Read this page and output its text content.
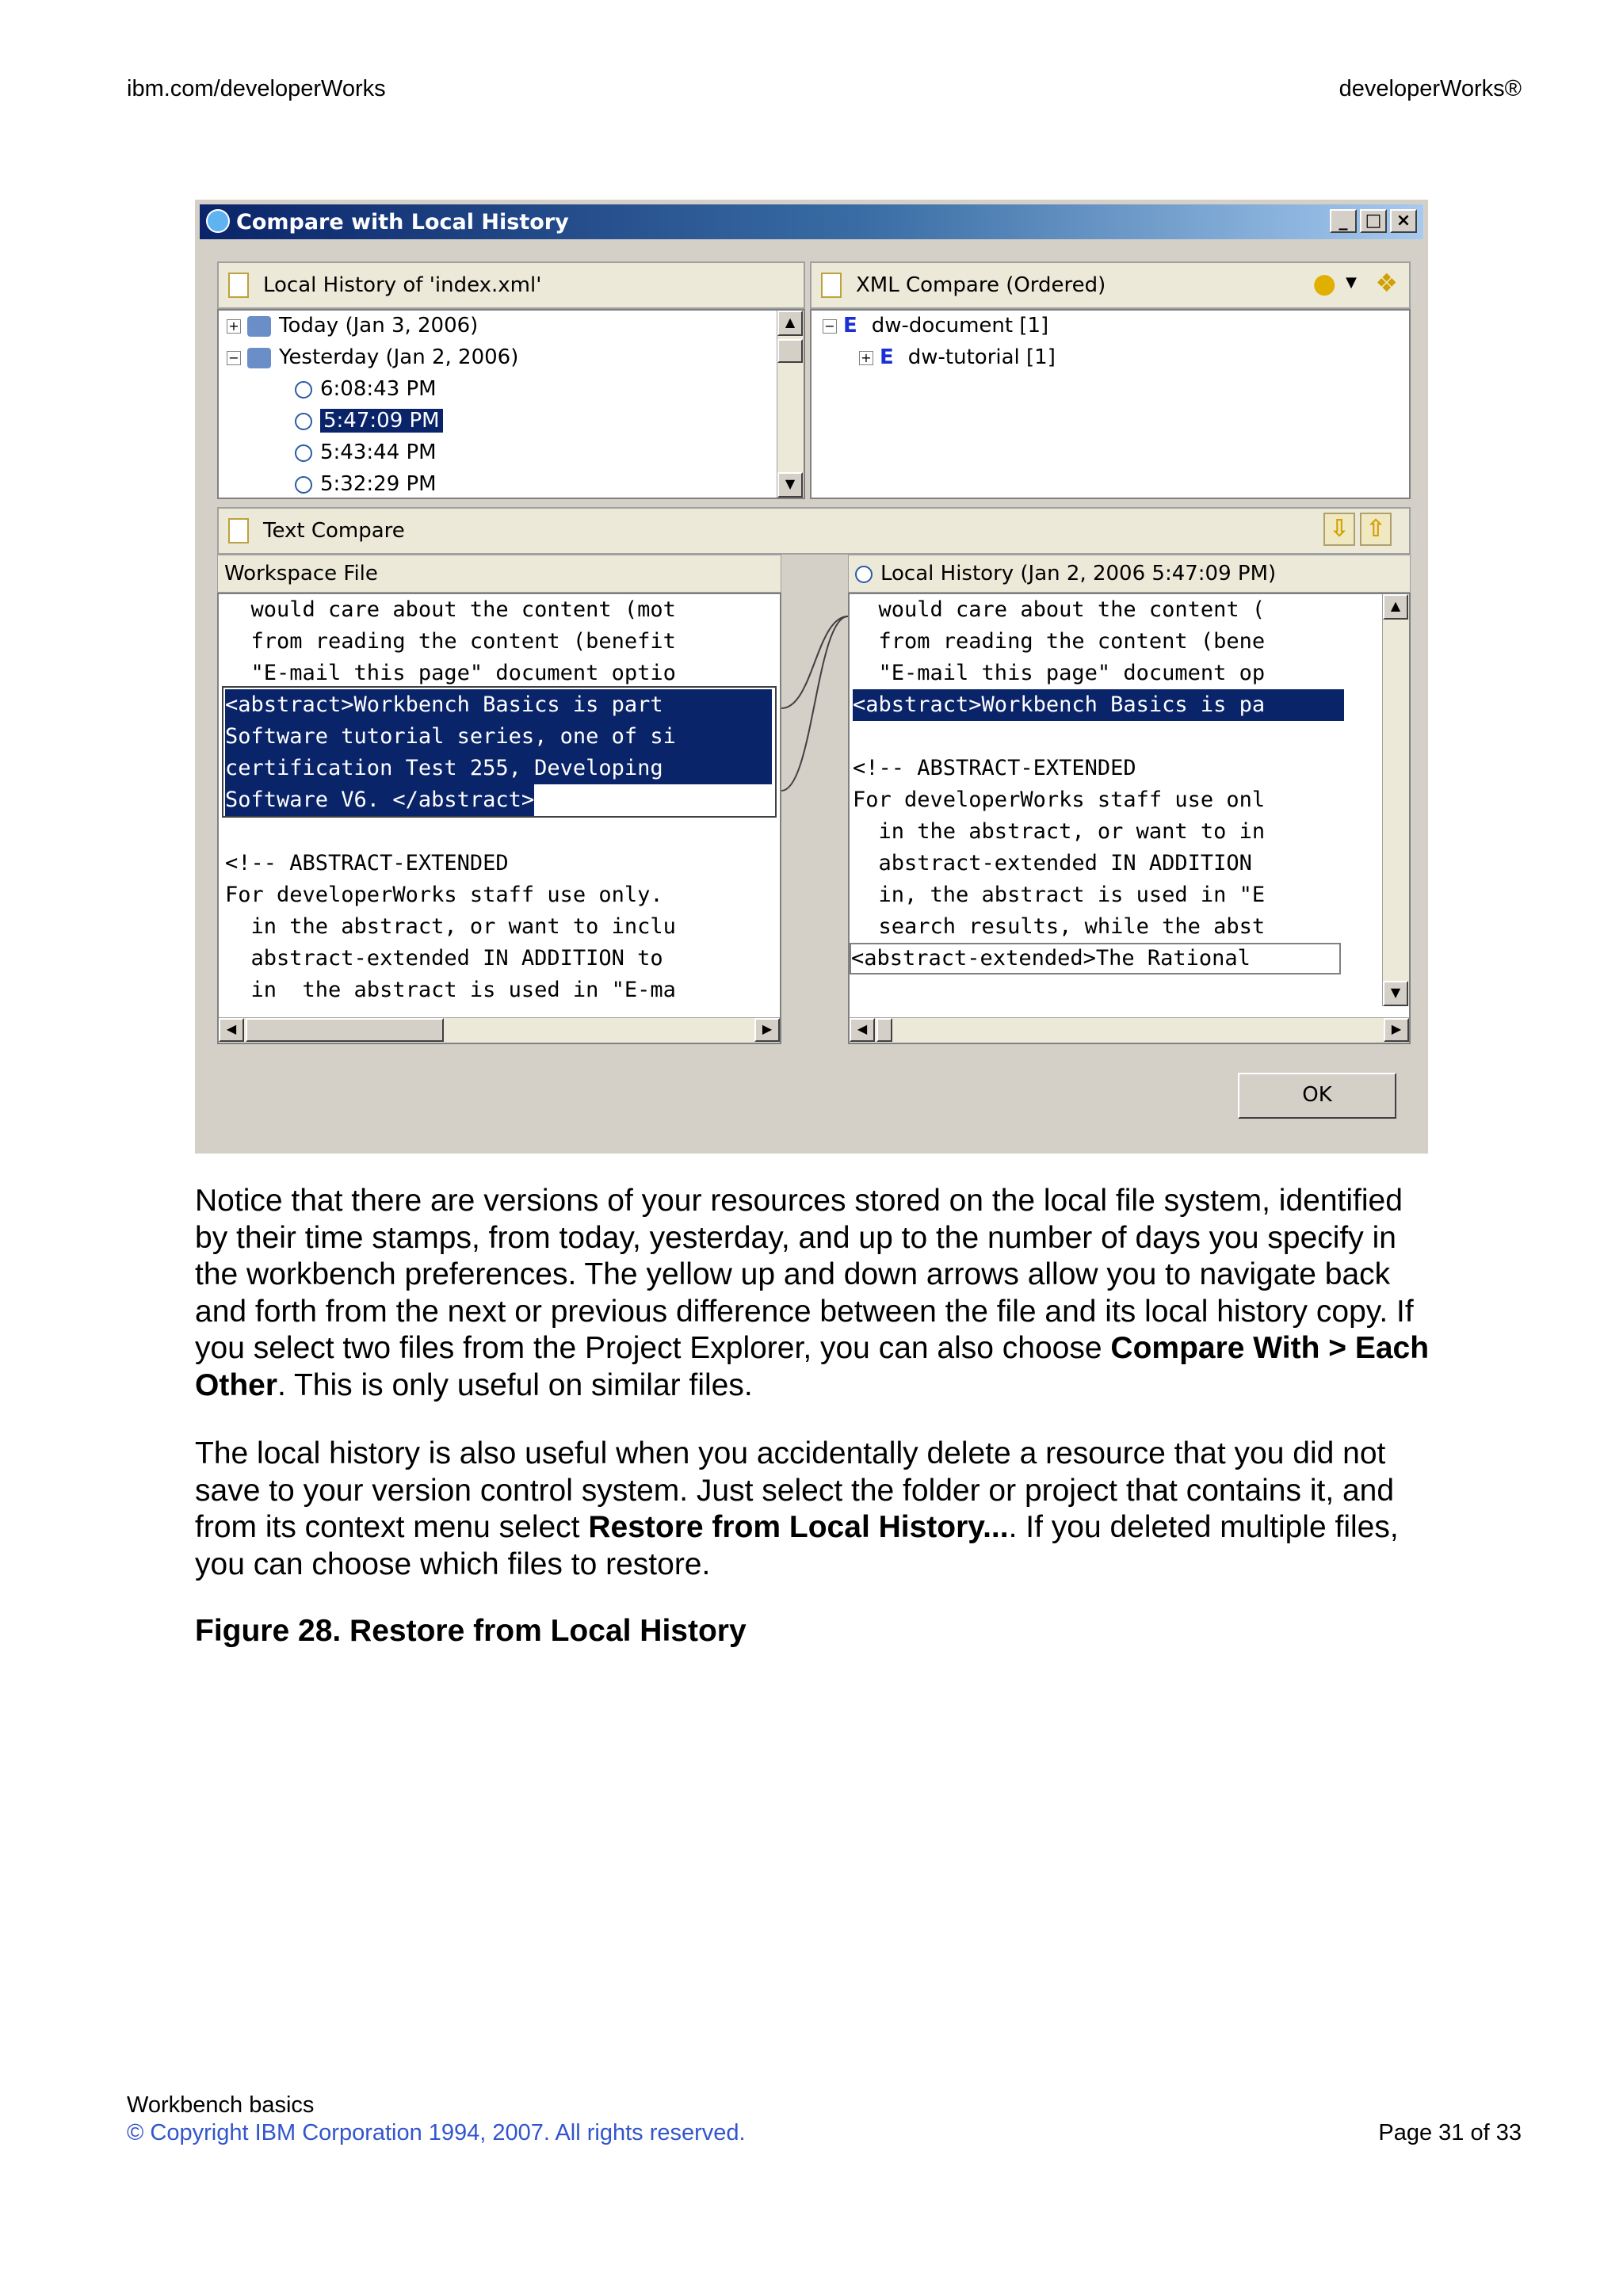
ibm.com/developerWorks	developerWorks®
Compare with Local History	_	□ ×
Local History of 'index.xml'
+ Today (Jan 3, 2006)
− Yesterday (Jan 2, 2006)
6:08:43 PM
5:47:09 PM
5:43:44 PM
5:32:29 PM
▲
▼
XML Compare (Ordered)	● ▼ ❖
− E dw-document [1]
+ E dw-tutorial [1]
Text Compare	⇩ ⇧
Workspace File	Local History (Jan 2, 2006 5:47:09 PM)
would care about the content (mot
from reading the content (benefit
"E-mail this page" document optio
<abstract>Workbench Basics is part
Software tutorial series, one of si
certification Test 255, Developing
Software V6. </abstract>
<!-- ABSTRACT-EXTENDED
For developerWorks staff use only.
in the abstract, or want to inclu
abstract-extended IN ADDITION to
in  the abstract is used in "E-ma
◀	▶
would care about the content (
from reading the content (bene
"E-mail this page" document op
<abstract>Workbench Basics is pa
<!-- ABSTRACT-EXTENDED
For developerWorks staff use onl
in the abstract, or want to in
abstract-extended IN ADDITION
in, the abstract is used in "E
search results, while the abst
<abstract-extended>The Rational
▲
▼
◀	▶
OK
Notice that there are versions of your resources stored on the local file system, identified by their time stamps, from today, yesterday, and up to the number of days you specify in the workbench preferences. The yellow up and down arrows allow you to navigate back and forth from the next or previous difference between the file and its local history copy. If you select two files from the Project Explorer, you can also choose Compare With > Each Other. This is only useful on similar files.
The local history is also useful when you accidentally delete a resource that you did not save to your version control system. Just select the folder or project that contains it, and from its context menu select Restore from Local History.... If you deleted multiple files, you can choose which files to restore.
Figure 28. Restore from Local History
Workbench basics
© Copyright IBM Corporation 1994, 2007. All rights reserved.	Page 31 of 33
